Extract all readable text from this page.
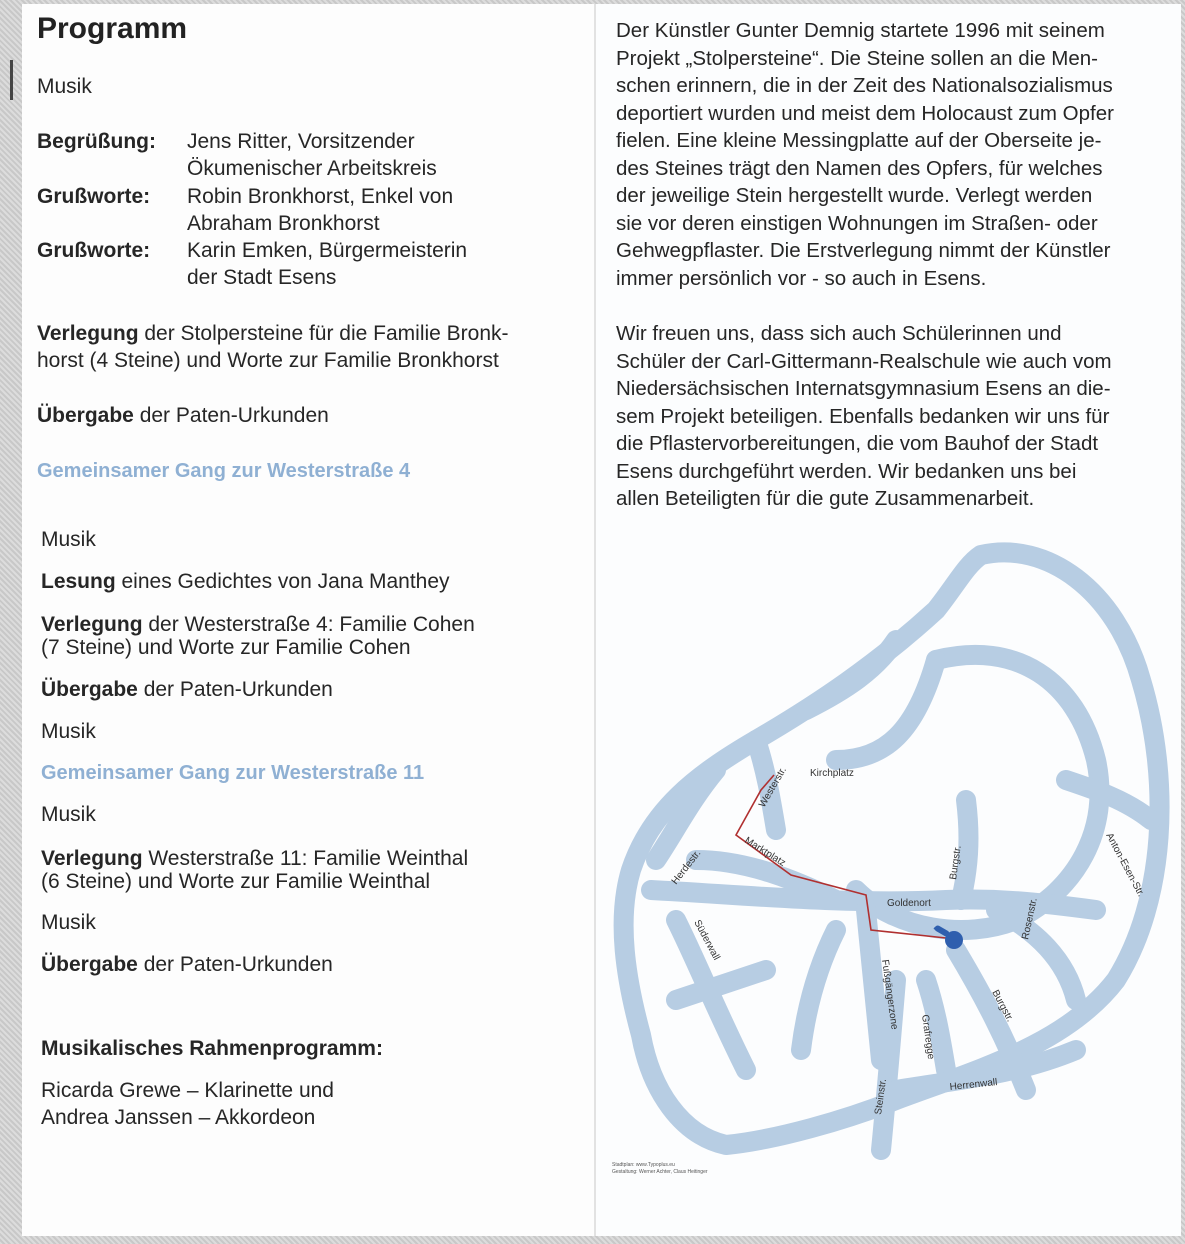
Programm
Musik
Begrüßung: Jens Ritter, Vorsitzender
Ökumenischer Arbeitskreis
Grußworte: Robin Bronkhorst, Enkel von
Abraham Bronkhorst
Grußworte: Karin Emken, Bürgermeisterin
der Stadt Esens
Verlegung der Stolpersteine für die Familie Bronk-
horst (4 Steine) und Worte zur Familie Bronkhorst
Übergabe der Paten-Urkunden
Gemeinsamer Gang zur Westerstraße 4
Musik
Lesung eines Gedichtes von Jana Manthey
Verlegung der Westerstraße 4: Familie Cohen
(7 Steine) und Worte zur Familie Cohen
Übergabe der Paten-Urkunden
Musik
Gemeinsamer Gang zur Westerstraße 11
Musik
Verlegung Westerstraße 11: Familie Weinthal
(6 Steine) und Worte zur Familie Weinthal
Musik
Übergabe der Paten-Urkunden
Musikalisches Rahmenprogramm:
Ricarda Grewe – Klarinette und
Andrea Janssen – Akkordeon
Der Künstler Gunter Demnig startete 1996 mit seinem
Projekt „Stolpersteine“. Die Steine sollen an die Men-
schen erinnern, die in der Zeit des Nationalsozialismus
deportiert wurden und meist dem Holocaust zum Opfer
fielen. Eine kleine Messingplatte auf der Oberseite je-
des Steines trägt den Namen des Opfers, für welches
der jeweilige Stein hergestellt wurde. Verlegt werden
sie vor deren einstigen Wohnungen im Straßen- oder
Gehwegpflaster. Die Erstverlegung nimmt der Künstler
immer persönlich vor - so auch in Esens.
Wir freuen uns, dass sich auch Schülerinnen und
Schüler der Carl-Gittermann-Realschule wie auch vom
Niedersächsischen Internatsgymnasium Esens an die-
sem Projekt beteiligen. Ebenfalls bedanken wir uns für
die Pflastervorbereitungen, die vom Bauhof der Stadt
Esens durchgeführt werden. Wir bedanken uns bei
allen Beteiligten für die gute Zusammenarbeit.
Westerstr. Kirchplatz
Marktplatz
Herdestr.	Burgstr.	Anton-Esen-Str.
Goldenort	Rosenstr.
Süderwall
Fußgängerzone	Burgstr.
Grafregge
Herrenwall
Steinstr.
Stadtplan: www.Typoplus.eu
Gestaltung: Werner Achter, Claus Heitinger
